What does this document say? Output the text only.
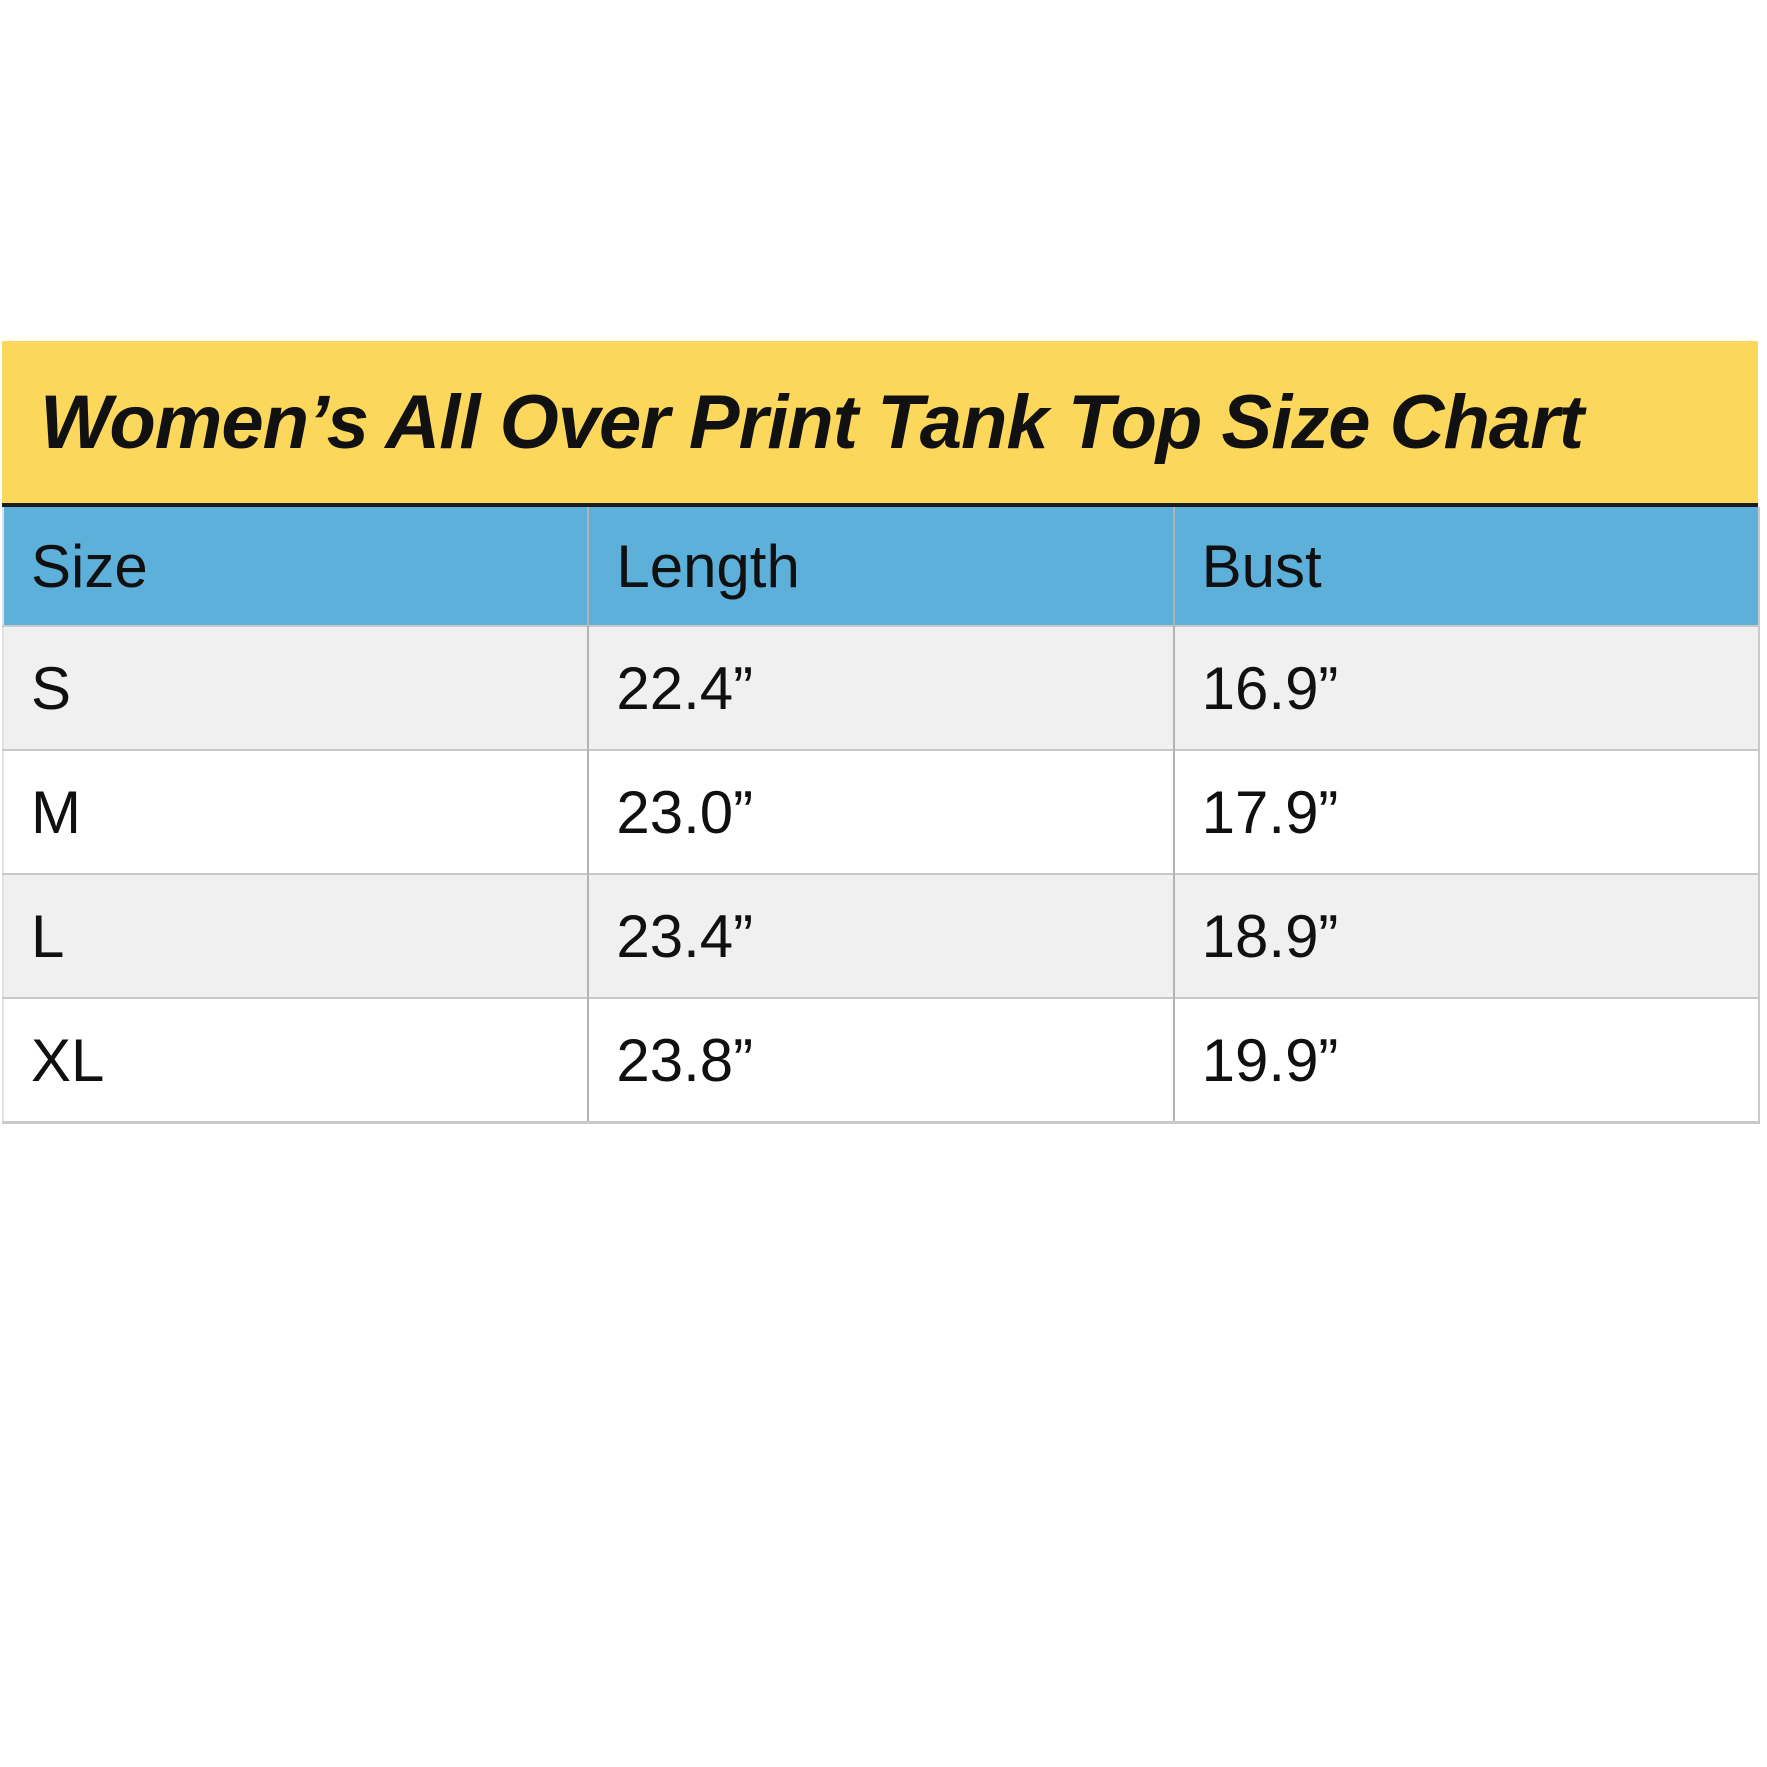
Women’s All Over Print Tank Top Size Chart
Size	Length	Bust
S	22.4”	16.9”
M	23.0”	17.9”
L	23.4”	18.9”
XL	23.8”	19.9”
